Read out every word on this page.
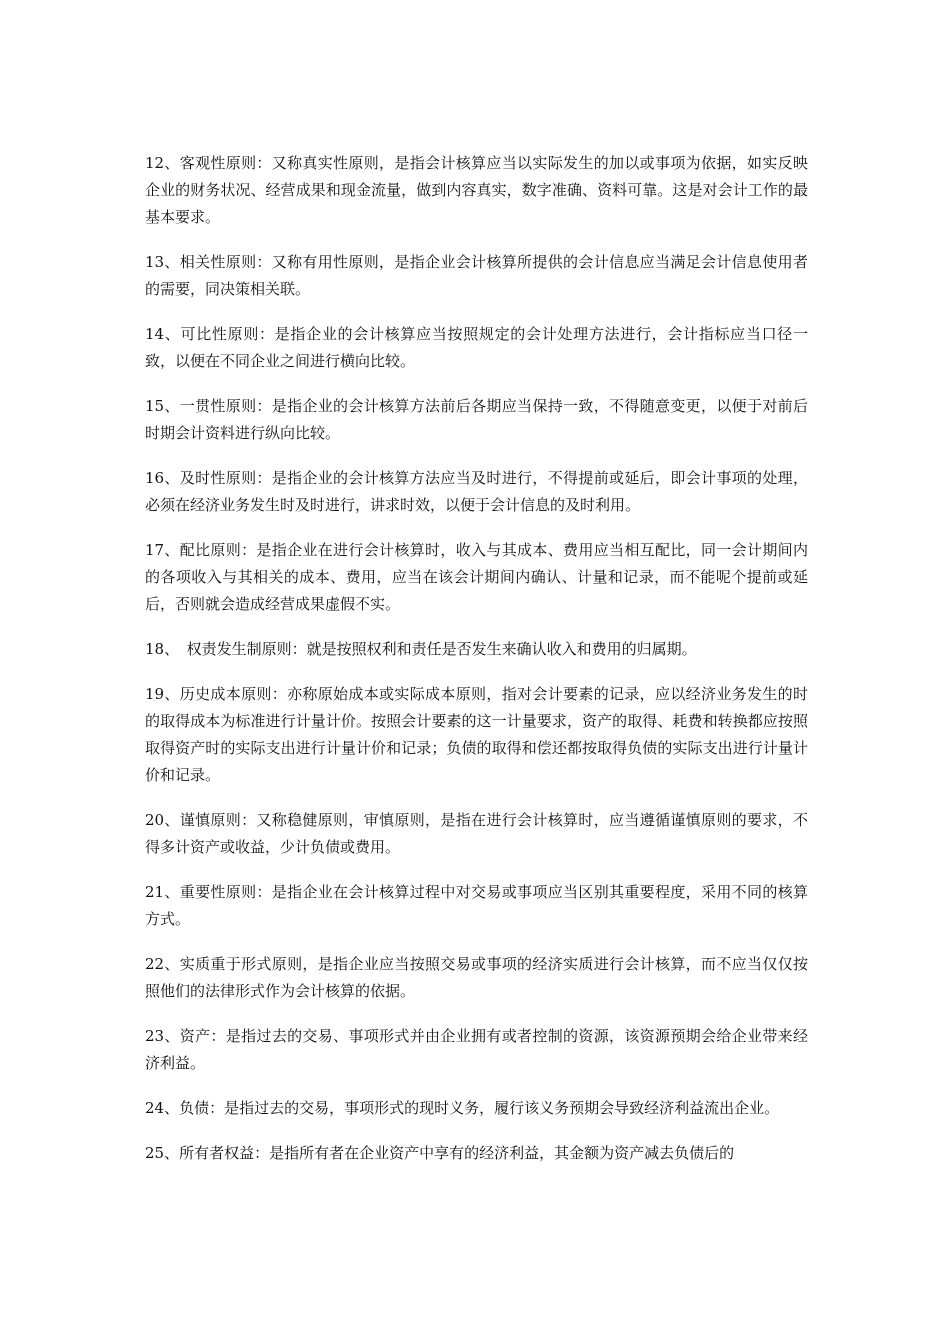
12、客观性原则：又称真实性原则，是指会计核算应当以实际发生的加以或事项为依据，如实反映企业的财务状况、经营成果和现金流量，做到内容真实，数字准确、资料可靠。这是对会计工作的最基本要求。

13、相关性原则：又称有用性原则，是指企业会计核算所提供的会计信息应当满足会计信息使用者的需要，同决策相关联。

14、可比性原则：是指企业的会计核算应当按照规定的会计处理方法进行，会计指标应当口径一致，以便在不同企业之间进行横向比较。

15、一贯性原则：是指企业的会计核算方法前后各期应当保持一致，不得随意变更，以便于对前后时期会计资料进行纵向比较。

16、及时性原则：是指企业的会计核算方法应当及时进行，不得提前或延后，即会计事项的处理，必须在经济业务发生时及时进行，讲求时效，以便于会计信息的及时利用。

17、配比原则：是指企业在进行会计核算时，收入与其成本、费用应当相互配比，同一会计期间内的各项收入与其相关的成本、费用，应当在该会计期间内确认、计量和记录，而不能呢个提前或延后，否则就会造成经营成果虚假不实。

18、　权责发生制原则：就是按照权利和责任是否发生来确认收入和费用的归属期。

19、历史成本原则：亦称原始成本或实际成本原则，指对会计要素的记录，应以经济业务发生的时的取得成本为标准进行计量计价。按照会计要素的这一计量要求，资产的取得、耗费和转换都应按照取得资产时的实际支出进行计量计价和记录；负债的取得和偿还都按取得负债的实际支出进行计量计价和记录。

20、谨慎原则：又称稳健原则，审慎原则，是指在进行会计核算时，应当遵循谨慎原则的要求，不得多计资产或收益，少计负债或费用。

21、重要性原则：是指企业在会计核算过程中对交易或事项应当区别其重要程度，采用不同的核算方式。

22、实质重于形式原则，是指企业应当按照交易或事项的经济实质进行会计核算，而不应当仅仅按照他们的法律形式作为会计核算的依据。

23、资产：是指过去的交易、事项形式并由企业拥有或者控制的资源，该资源预期会给企业带来经济利益。

24、负债：是指过去的交易，事项形式的现时义务，履行该义务预期会导致经济利益流出企业。

25、所有者权益：是指所有者在企业资产中享有的经济利益，其金额为资产减去负债后的
